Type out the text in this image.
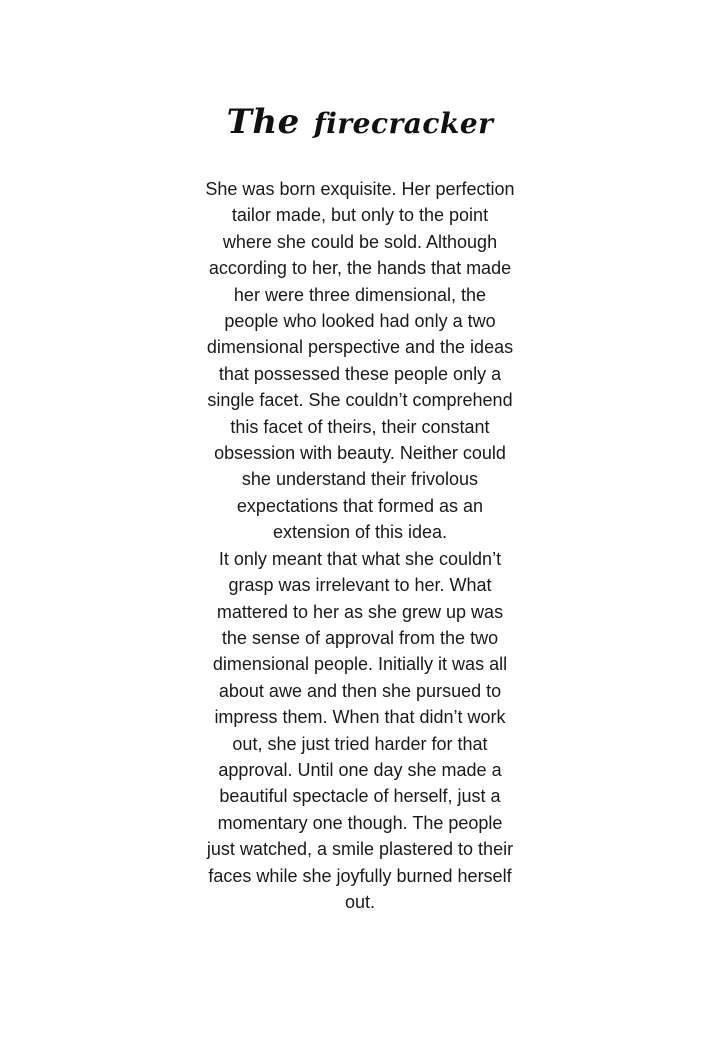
The firecracker
She was born exquisite. Her perfection
tailor made, but only to the point
where she could be sold. Although
according to her, the hands that made
her were three dimensional, the
people who looked had only a two
dimensional perspective and the ideas
that possessed these people only a
single facet. She couldn’t comprehend
this facet of theirs, their constant
obsession with beauty. Neither could
she understand their frivolous
expectations that formed as an
extension of this idea.
It only meant that what she couldn’t
grasp was irrelevant to her. What
mattered to her as she grew up was
the sense of approval from the two
dimensional people. Initially it was all
about awe and then she pursued to
impress them. When that didn’t work
out, she just tried harder for that
approval. Until one day she made a
beautiful spectacle of herself, just a
momentary one though. The people
just watched, a smile plastered to their
faces while she joyfully burned herself
out.
